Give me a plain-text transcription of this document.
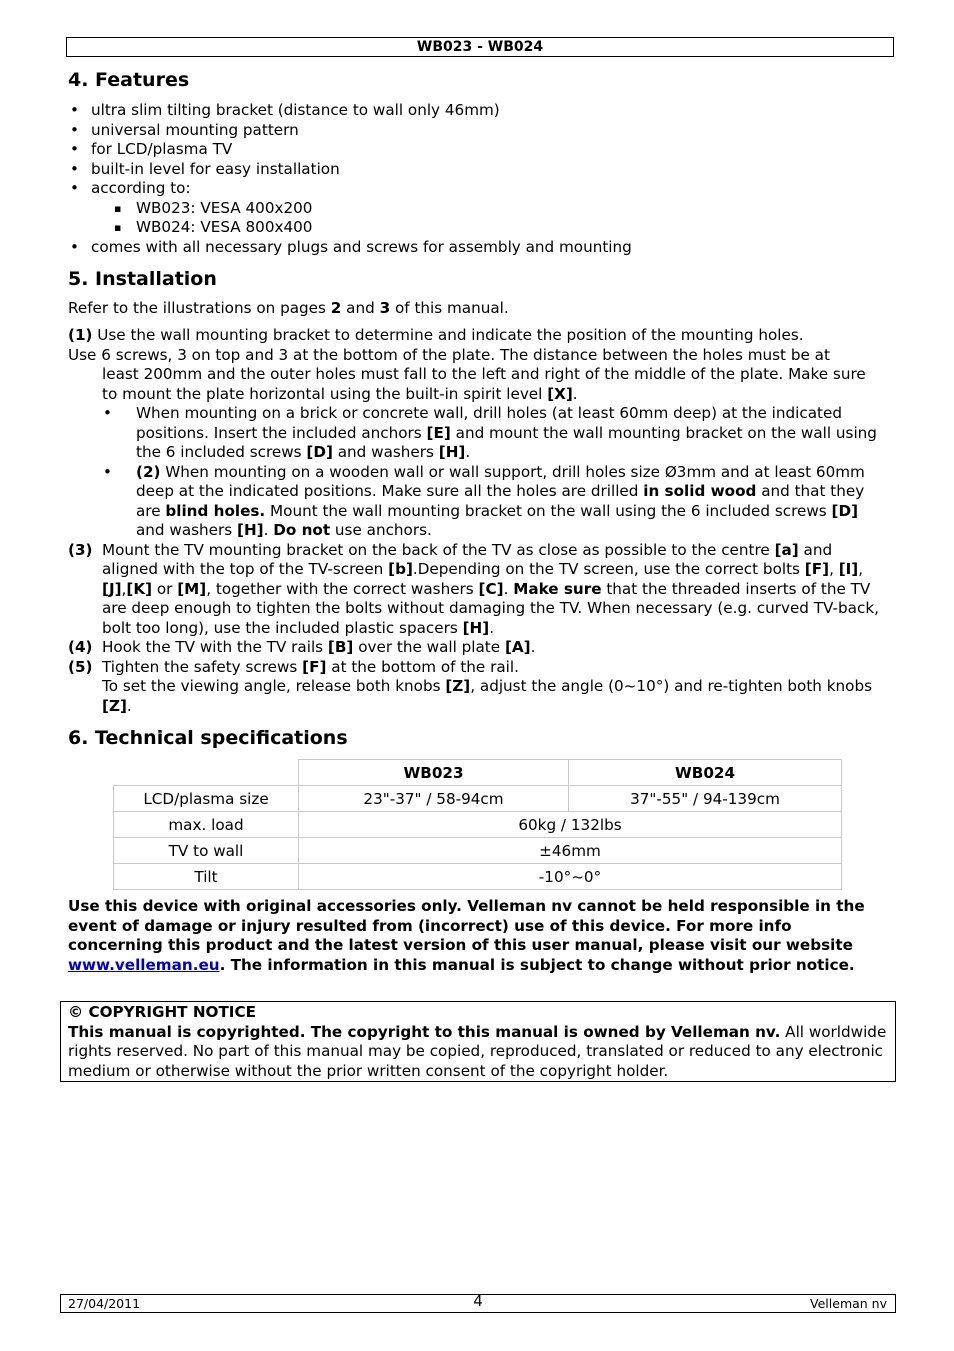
WB023 - WB024
4. Features
• ultra slim tilting bracket (distance to wall only 46mm)
• universal mounting pattern
• for LCD/plasma TV
• built-in level for easy installation
• according to:
▪ WB023: VESA 400x200
▪ WB024: VESA 800x400
• comes with all necessary plugs and screws for assembly and mounting
5. Installation

Refer to the illustrations on pages 2 and 3 of this manual.

(1) Use the wall mounting bracket to determine and indicate the position of the mounting holes.
Use 6 screws, 3 on top and 3 at the bottom of the plate. The distance between the holes must be at
least 200mm and the outer holes must fall to the left and right of the middle of the plate. Make sure to mount the plate horizontal using the built-in spirit level [X].
• When mounting on a brick or concrete wall, drill holes (at least 60mm deep) at the indicated positions. Insert the included anchors [E] and mount the wall mounting bracket on the wall using the 6 included screws [D] and washers [H].
• (2) When mounting on a wooden wall or wall support, drill holes size Ø3mm and at least 60mm deep at the indicated positions. Make sure all the holes are drilled in solid wood and that they are blind holes. Mount the wall mounting bracket on the wall using the 6 included screws [D] and washers [H]. Do not use anchors.
(3) Mount the TV mounting bracket on the back of the TV as close as possible to the centre [a] and aligned with the top of the TV-screen [b].Depending on the TV screen, use the correct bolts [F], [I], [J],[K] or [M], together with the correct washers [C]. Make sure that the threaded inserts of the TV are deep enough to tighten the bolts without damaging the TV. When necessary (e.g. curved TV-back, bolt too long), use the included plastic spacers [H].
(4) Hook the TV with the TV rails [B] over the wall plate [A].
(5) Tighten the safety screws [F] at the bottom of the rail.
To set the viewing angle, release both knobs [Z], adjust the angle (0~10°) and re-tighten both knobs [Z].
6. Technical specifications
	WB023	WB024
LCD/plasma size	23"-37" / 58-94cm	37"-55" / 94-139cm
max. load	60kg / 132lbs	
TV to wall	±46mm	
Tilt	-10°~0°	

Use this device with original accessories only. Velleman nv cannot be held responsible in the event of damage or injury resulted from (incorrect) use of this device. For more info concerning this product and the latest version of this user manual, please visit our website www.velleman.eu. The information in this manual is subject to change without prior notice.

© COPYRIGHT NOTICE
This manual is copyrighted. The copyright to this manual is owned by Velleman nv. All worldwide rights reserved. No part of this manual may be copied, reproduced, translated or reduced to any electronic medium or otherwise without the prior written consent of the copyright holder.
27/04/2011	4	Velleman nv
